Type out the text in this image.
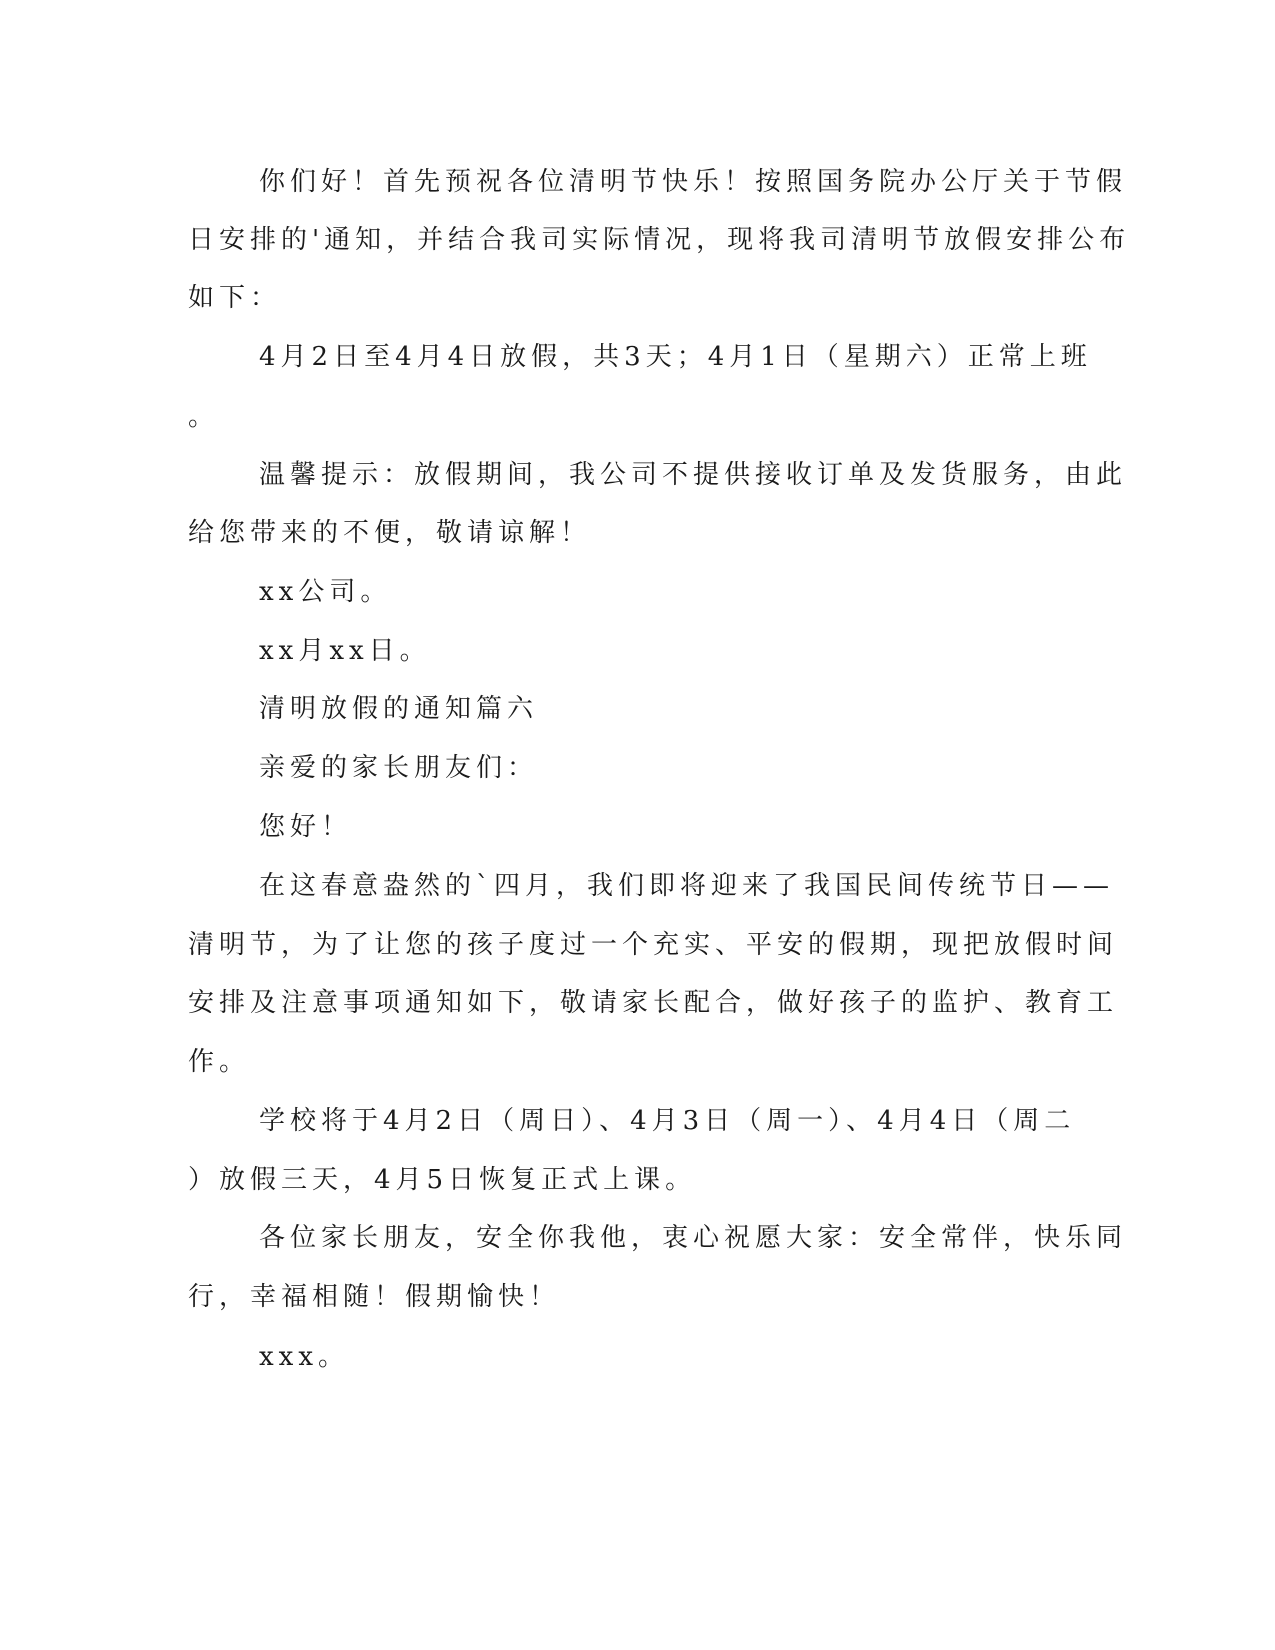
你们好！首先预祝各位清明节快乐！按照国务院办公厅关于节假
日安排的'通知，并结合我司实际情况，现将我司清明节放假安排公布
如下：
4月2日至4月4日放假，共3天；4月1日（星期六）正常上班
。
温馨提示：放假期间，我公司不提供接收订单及发货服务，由此
给您带来的不便，敬请谅解！
xx公司。
xx月xx日。
清明放假的通知篇六
亲爱的家长朋友们：
您好！
在这春意盎然的`四月，我们即将迎来了我国民间传统节日——
清明节，为了让您的孩子度过一个充实、平安的假期，现把放假时间
安排及注意事项通知如下，敬请家长配合，做好孩子的监护、教育工
作。
学校将于4月2日（周日）、4月3日（周一）、4月4日（周二
）放假三天，4月5日恢复正式上课。
各位家长朋友，安全你我他，衷心祝愿大家：安全常伴，快乐同
行，幸福相随！假期愉快！
xxx。
